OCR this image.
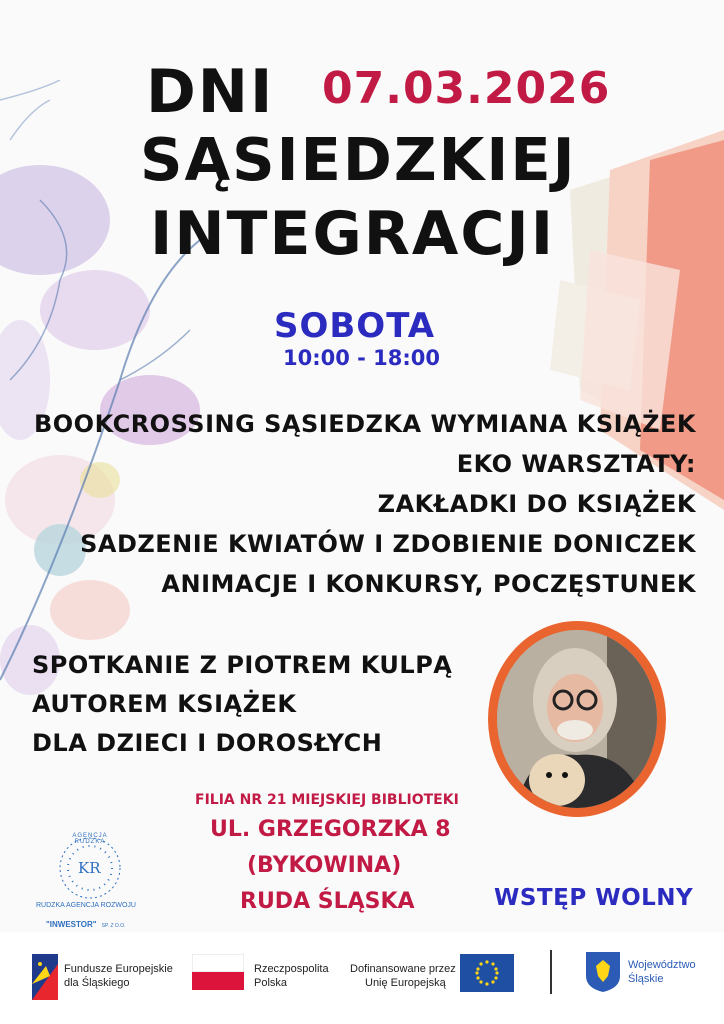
DNI 07.03.2026
SĄSIEDZKIEJ
INTEGRACJI
SOBOTA
10:00 - 18:00
BOOKCROSSING SĄSIEDZKA WYMIANA KSIĄŻEK
EKO WARSZTATY:
ZAKŁADKI DO KSIĄŻEK
SADZENIE KWIATÓW I ZDOBIENIE DONICZEK
ANIMACJE I KONKURSY, POCZĘSTUNEK
SPOTKANIE Z PIOTREM KULPĄ
AUTOREM KSIĄŻEK
DLA DZIECI I DOROSŁYCH
FILIA NR 21 MIEJSKIEJ BIBLIOTEKI
UL. GRZEGORZKA 8
(BYKOWINA)
RUDA ŚLĄSKA
KR
AGENCJA RUDZKA
RUDZKA AGENCJA ROZWOJU
"INWESTOR" SP. Z O.O.
WSTĘP WOLNY
Fundusze Europejskie
dla Śląskiego
Rzeczpospolita
Polska
Dofinansowane przez
Unię Europejską
Województwo
Śląskie
